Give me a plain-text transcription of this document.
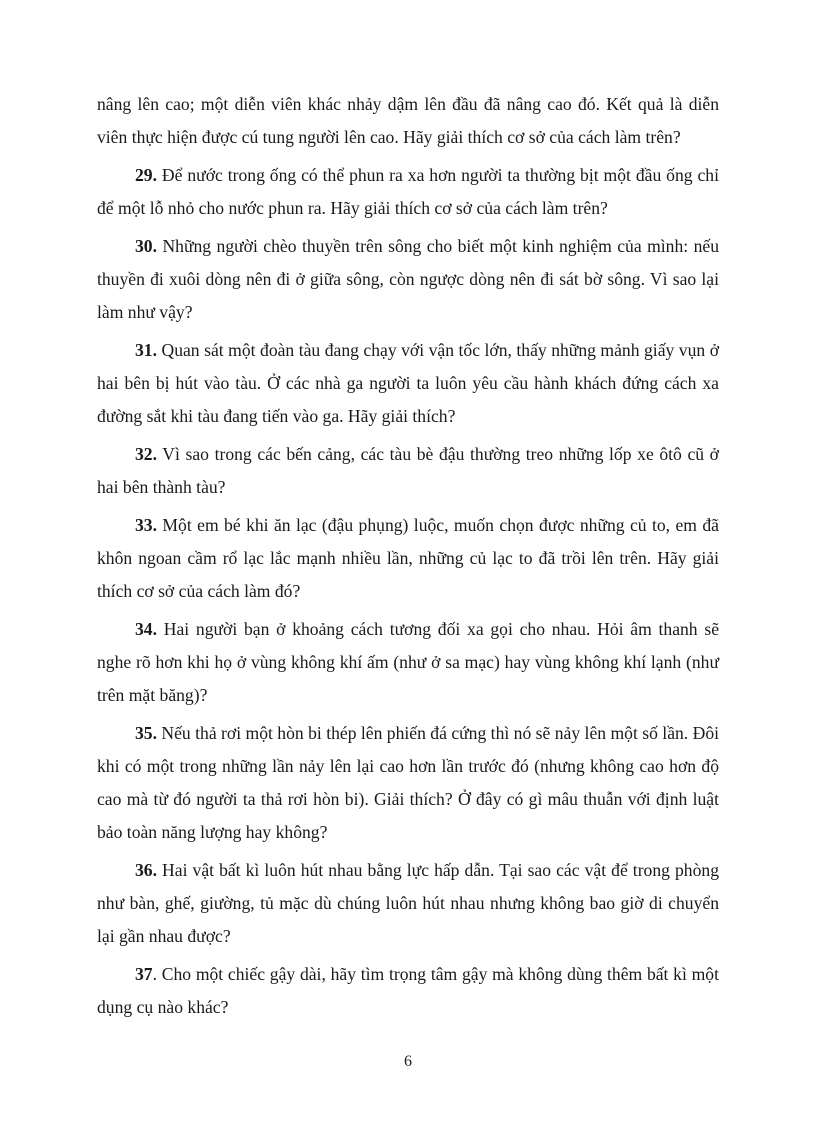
nâng lên cao; một diễn viên khác nhảy dậm lên đầu đã nâng cao đó. Kết quả là diễn viên thực hiện được cú tung người lên cao. Hãy giải thích cơ sở của cách làm trên?

29. Để nước trong ống có thể phun ra xa hơn người ta thường bịt một đầu ống chỉ để một lỗ nhỏ cho nước phun ra. Hãy giải thích cơ sở của cách làm trên?

30. Những người chèo thuyền trên sông cho biết một kinh nghiệm của mình: nếu thuyền đi xuôi dòng nên đi ở giữa sông, còn ngược dòng nên đi sát bờ sông. Vì sao lại làm như vậy?

31. Quan sát một đoàn tàu đang chạy với vận tốc lớn, thấy những mảnh giấy vụn ở hai bên bị hút vào tàu. Ở các nhà ga người ta luôn yêu cầu hành khách đứng cách xa đường sắt khi tàu đang tiến vào ga. Hãy giải thích?

32. Vì sao trong các bến cảng, các tàu bè đậu thường treo những lốp xe ôtô cũ ở hai bên thành tàu?

33. Một em bé khi ăn lạc (đậu phụng) luộc, muốn chọn được những củ to, em đã khôn ngoan cầm rổ lạc lắc mạnh nhiều lần, những củ lạc to đã trồi lên trên. Hãy giải thích cơ sở của cách làm đó?

34. Hai người bạn ở khoảng cách tương đối xa gọi cho nhau. Hỏi âm thanh sẽ nghe rõ hơn khi họ ở vùng không khí ấm (như ở sa mạc) hay vùng không khí lạnh (như trên mặt băng)?

35. Nếu thả rơi một hòn bi thép lên phiến đá cứng thì nó sẽ nảy lên một số lần. Đôi khi có một trong những lần nảy lên lại cao hơn lần trước đó (nhưng không cao hơn độ cao mà từ đó người ta thả rơi hòn bi). Giải thích? Ở đây có gì mâu thuẫn với định luật bảo toàn năng lượng hay không?

36. Hai vật bất kì luôn hút nhau bằng lực hấp dẫn. Tại sao các vật để trong phòng như bàn, ghế, giường, tủ mặc dù chúng luôn hút nhau nhưng không bao giờ di chuyển lại gần nhau được?

37. Cho một chiếc gậy dài, hãy tìm trọng tâm gậy mà không dùng thêm bất kì một dụng cụ nào khác?

6
